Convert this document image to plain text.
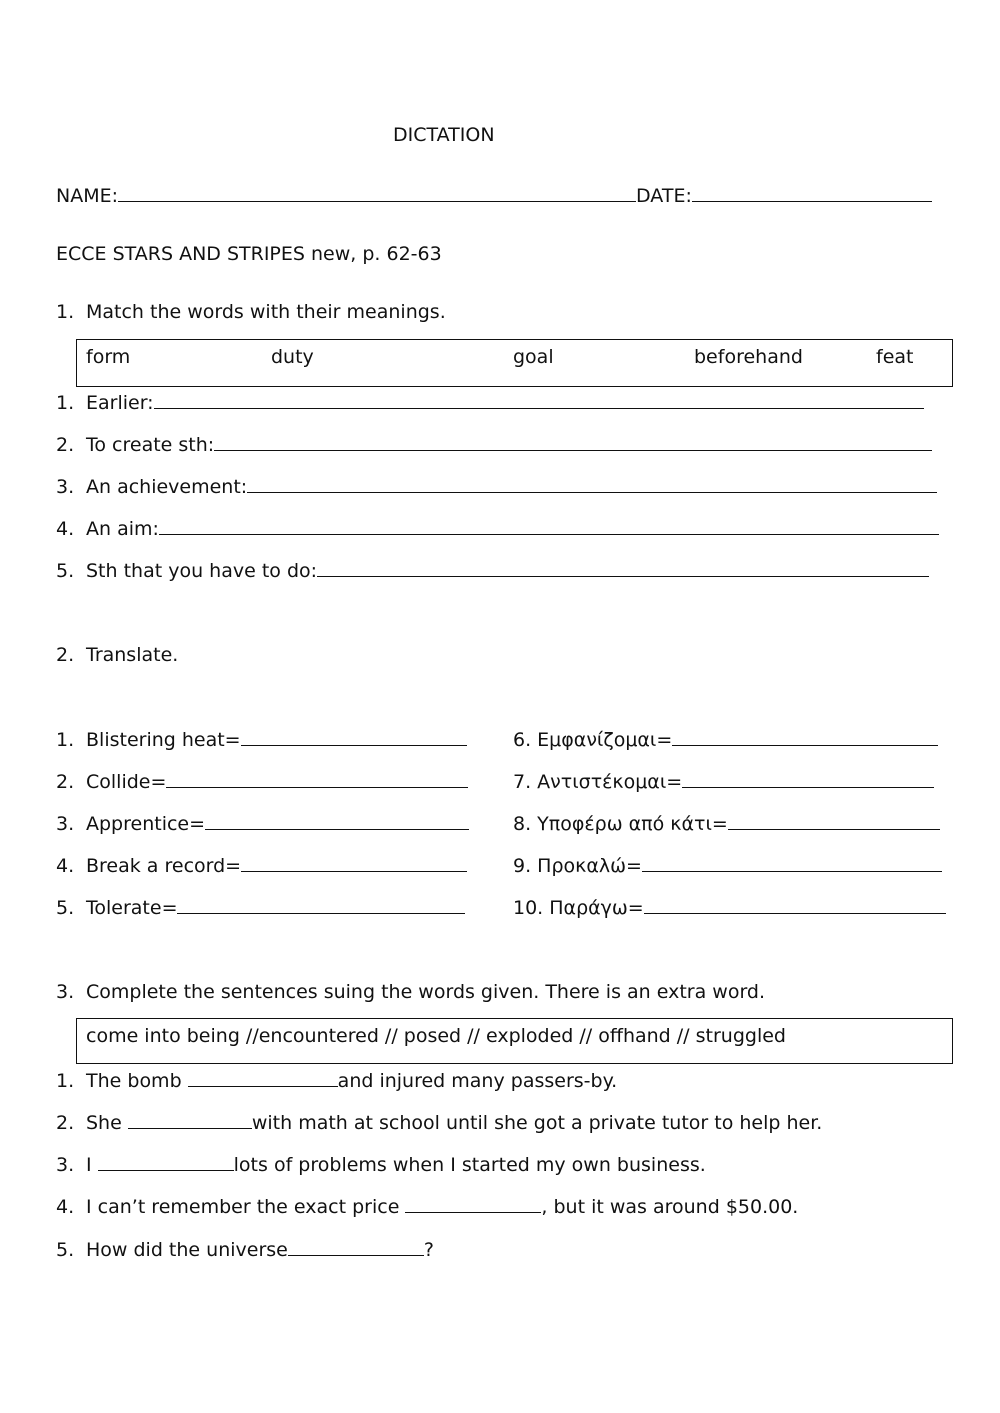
DICTATION
NAME:	DATE:
ECCE STARS AND STRIPES new, p. 62-63
1. Match the words with their meanings.
form	duty	goal	beforehand	feat
1. Earlier:
2. To create sth:
3. An achievement:
4. An aim:
5. Sth that you have to do:
2. Translate.
1. Blistering heat=
2. Collide=
3. Apprentice=
4. Break a record=
5. Tolerate=
6. Εμφανίζομαι=
7. Αντιστέκομαι=
8. Υποφέρω από κάτι=
9. Προκαλώ=
10. Παράγω=
3. Complete the sentences suing the words given. There is an extra word.
come into being //encountered // posed // exploded // offhand // struggled
1. The bomb	and injured many passers-by.
2. She	with math at school until she got a private tutor to help her.
3. I	lots of problems when I started my own business.
4. I can’t remember the exact price	, but it was around $50.00.
5. How did the universe	?
